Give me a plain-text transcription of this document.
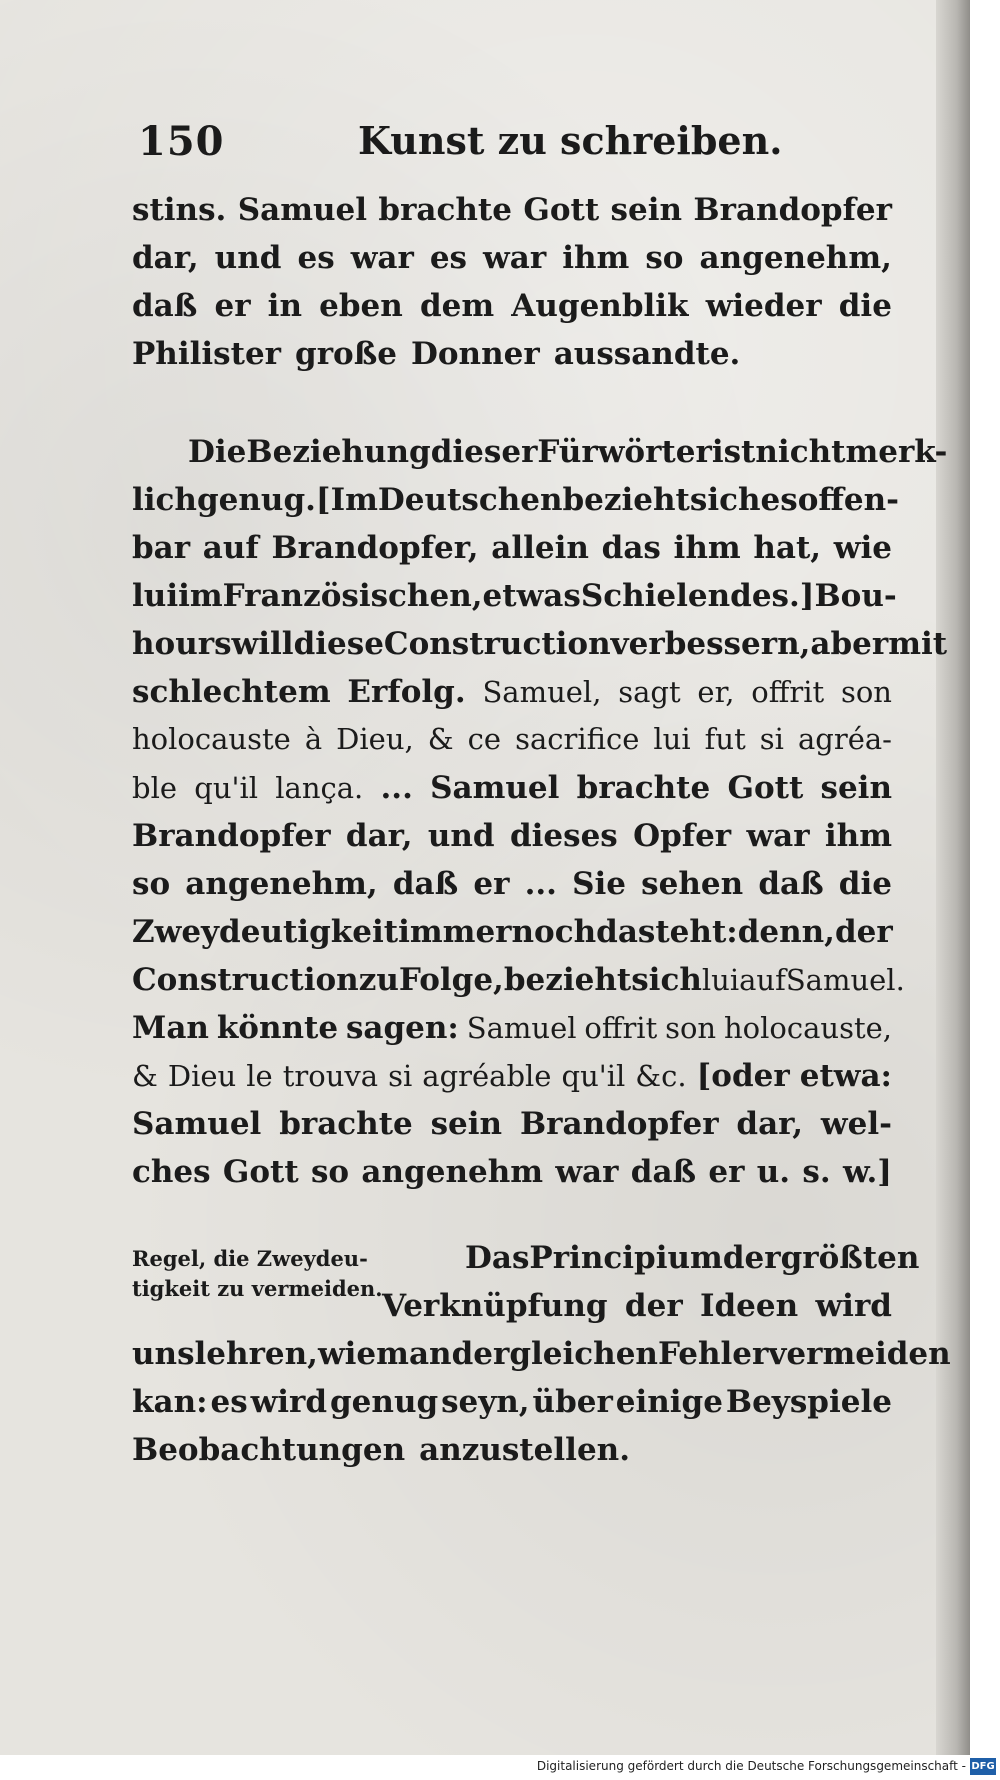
150	Kunst zu schreiben.
stins. Samuel brachte Gott sein Brandopfer
dar, und es war es war ihm so angenehm,
daß er in eben dem Augenblik wieder die
Philister große Donner aussandte.
Die Beziehung dieser Fürwörter ist nicht merk-
lich genug. [Im Deutschen bezieht sich es offen-
bar auf Brandopfer, allein das ihm hat, wie
lui im Französischen, etwas Schielendes.] Bou-
hours will diese Construction verbessern, aber mit
schlechtem Erfolg. Samuel, sagt er, offrit son
holocauste à Dieu, & ce sacrifice lui fut si agréa-
ble qu'il lança. ... Samuel brachte Gott sein
Brandopfer dar, und dieses Opfer war ihm
so angenehm, daß er ... Sie sehen daß die
Zweydeutigkeit immer noch da steht: denn, der
Construction zu Folge, bezieht sich lui auf Samuel.
Man könnte sagen: Samuel offrit son holocauste,
& Dieu le trouva si agréable qu'il &c. [oder etwa:
Samuel brachte sein Brandopfer dar, wel-
ches Gott so angenehm war daß er u. s. w.]
Regel, die Zweydeu-
tigkeit zu vermeiden.
Das Principium der größten
Verknüpfung der Ideen wird
uns lehren, wie man dergleichen Fehler vermeiden
kan: es wird genug seyn, über einige Beyspiele
Beobachtungen anzustellen.
Digitalisierung gefördert durch die Deutsche Forschungsgemeinschaft - DFG
